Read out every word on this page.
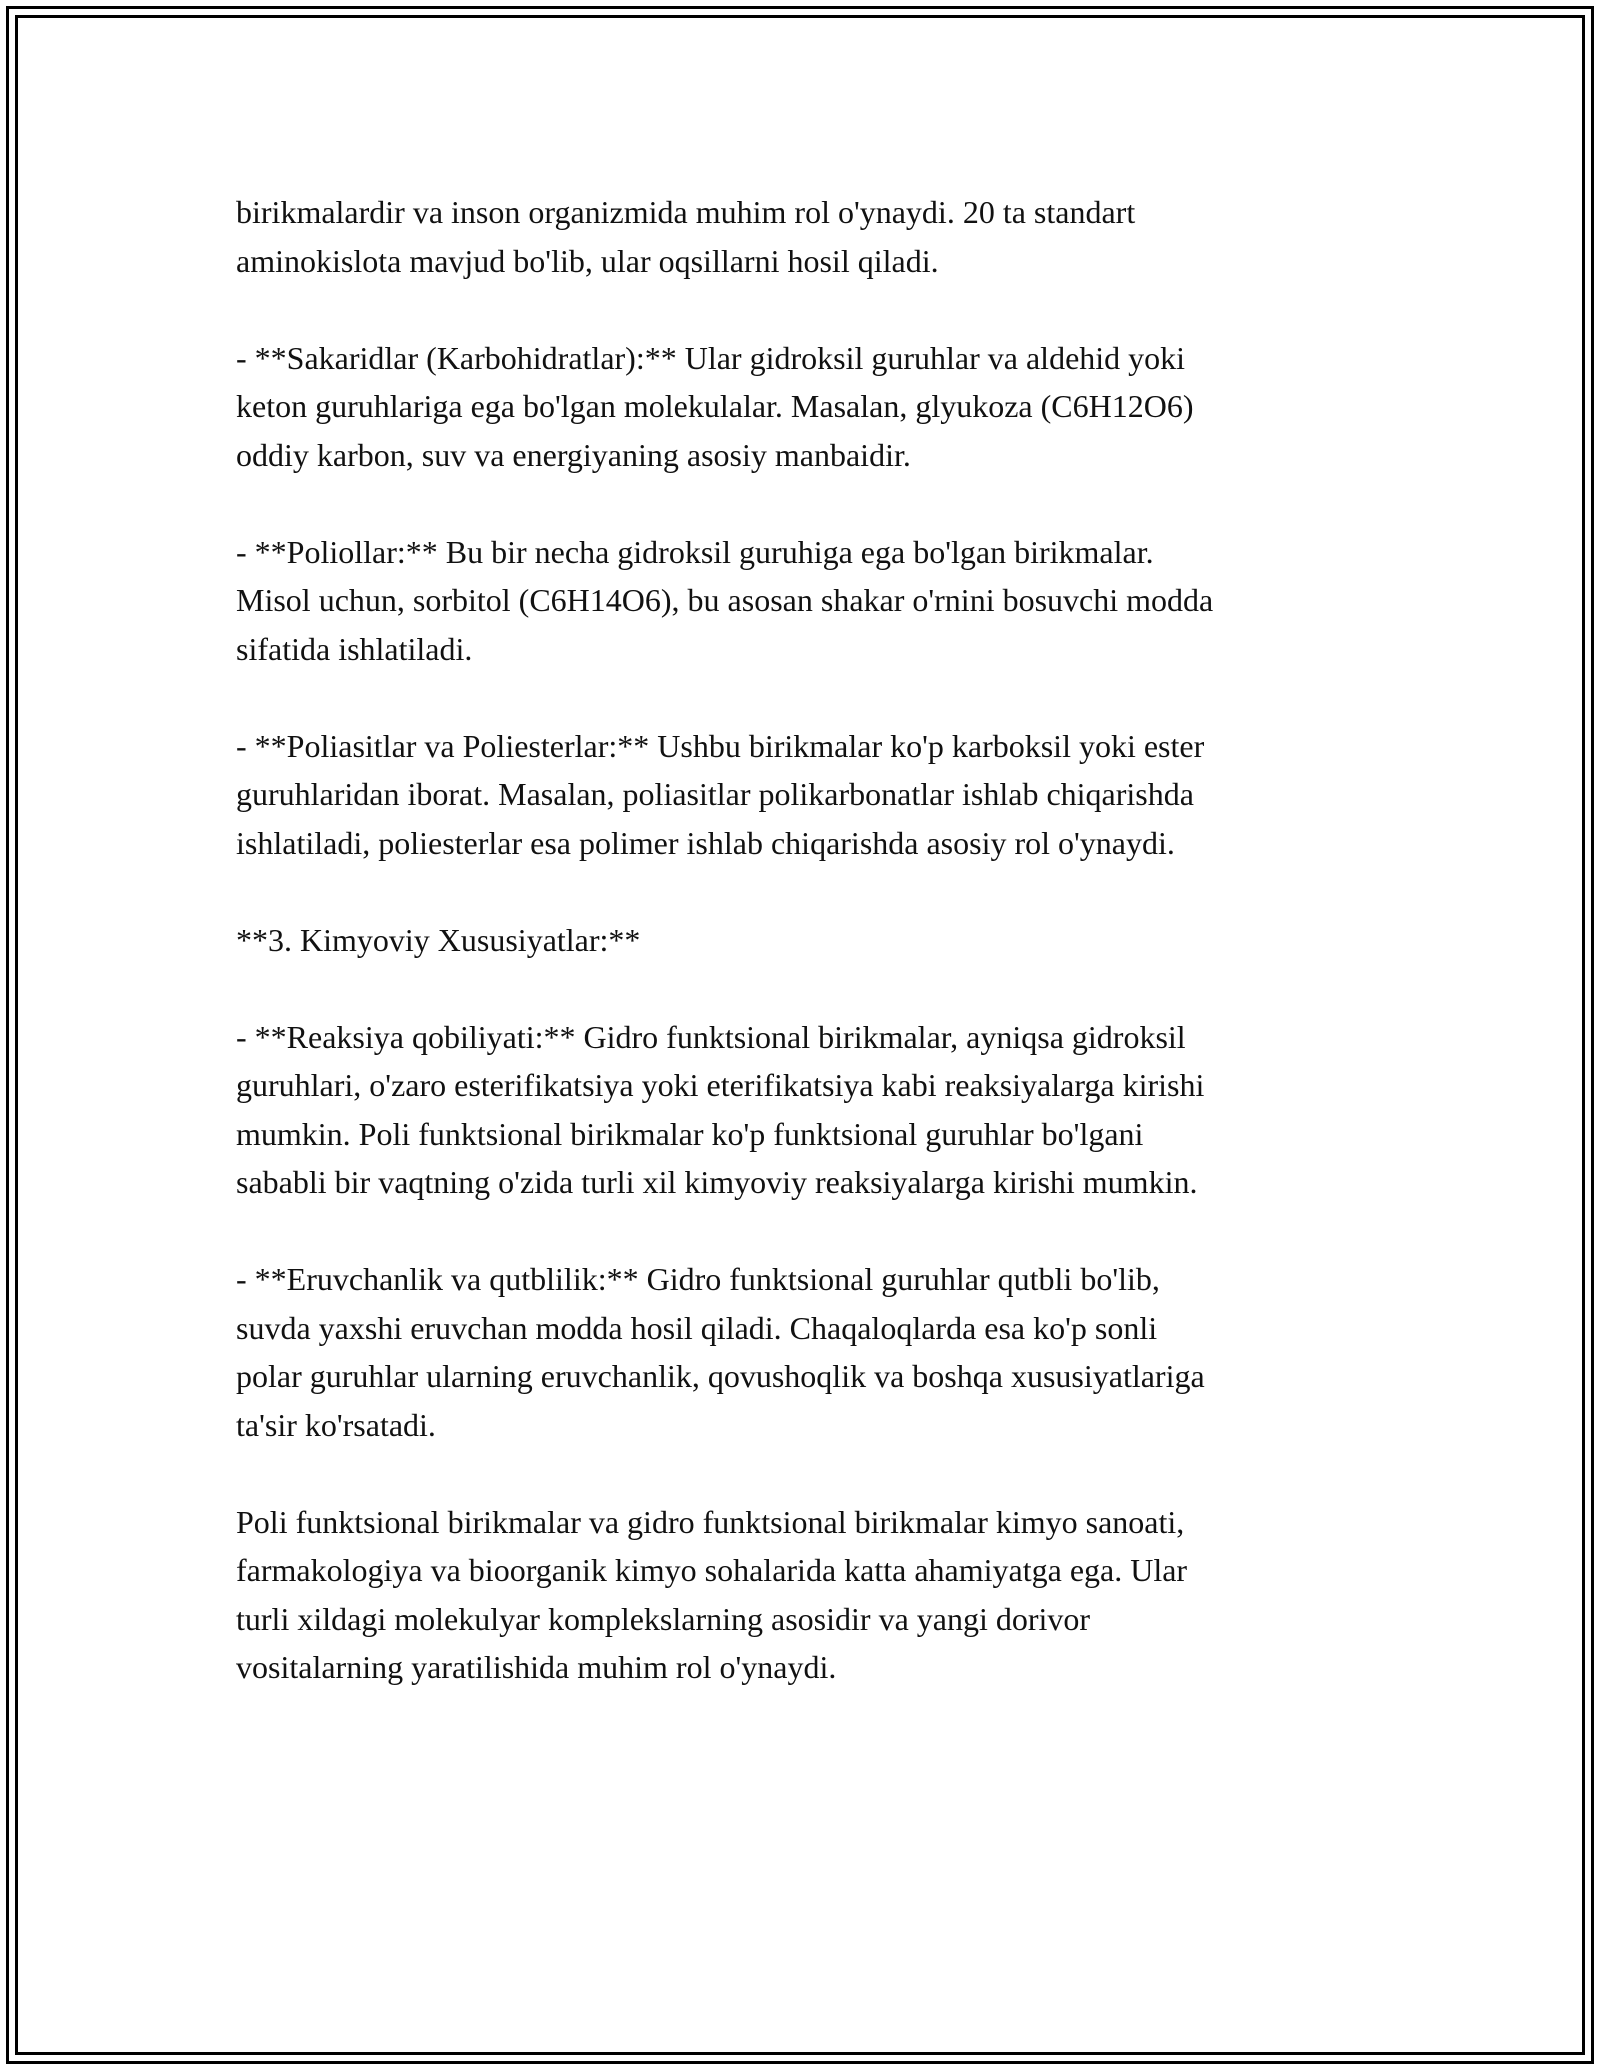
birikmalardir va inson organizmida muhim rol o'ynaydi. 20 ta standart
aminokislota mavjud bo'lib, ular oqsillarni hosil qiladi.

- **Sakaridlar (Karbohidratlar):** Ular gidroksil guruhlar va aldehid yoki
keton guruhlariga ega bo'lgan molekulalar. Masalan, glyukoza (C6H12O6)
oddiy karbon, suv va energiyaning asosiy manbaidir.

- **Poliollar:** Bu bir necha gidroksil guruhiga ega bo'lgan birikmalar.
Misol uchun, sorbitol (C6H14O6), bu asosan shakar o'rnini bosuvchi modda
sifatida ishlatiladi.

- **Poliasitlar va Poliesterlar:** Ushbu birikmalar ko'p karboksil yoki ester
guruhlaridan iborat. Masalan, poliasitlar polikarbonatlar ishlab chiqarishda
ishlatiladi, poliesterlar esa polimer ishlab chiqarishda asosiy rol o'ynaydi.

**3. Kimyoviy Xususiyatlar:**

- **Reaksiya qobiliyati:** Gidro funktsional birikmalar, ayniqsa gidroksil
guruhlari, o'zaro esterifikatsiya yoki eterifikatsiya kabi reaksiyalarga kirishi
mumkin. Poli funktsional birikmalar ko'p funktsional guruhlar bo'lgani
sababli bir vaqtning o'zida turli xil kimyoviy reaksiyalarga kirishi mumkin.

- **Eruvchanlik va qutblilik:** Gidro funktsional guruhlar qutbli bo'lib,
suvda yaxshi eruvchan modda hosil qiladi. Chaqaloqlarda esa ko'p sonli
polar guruhlar ularning eruvchanlik, qovushoqlik va boshqa xususiyatlariga
ta'sir ko'rsatadi.

Poli funktsional birikmalar va gidro funktsional birikmalar kimyo sanoati,
farmakologiya va bioorganik kimyo sohalarida katta ahamiyatga ega. Ular
turli xildagi molekulyar komplekslarning asosidir va yangi dorivor
vositalarning yaratilishida muhim rol o'ynaydi.
